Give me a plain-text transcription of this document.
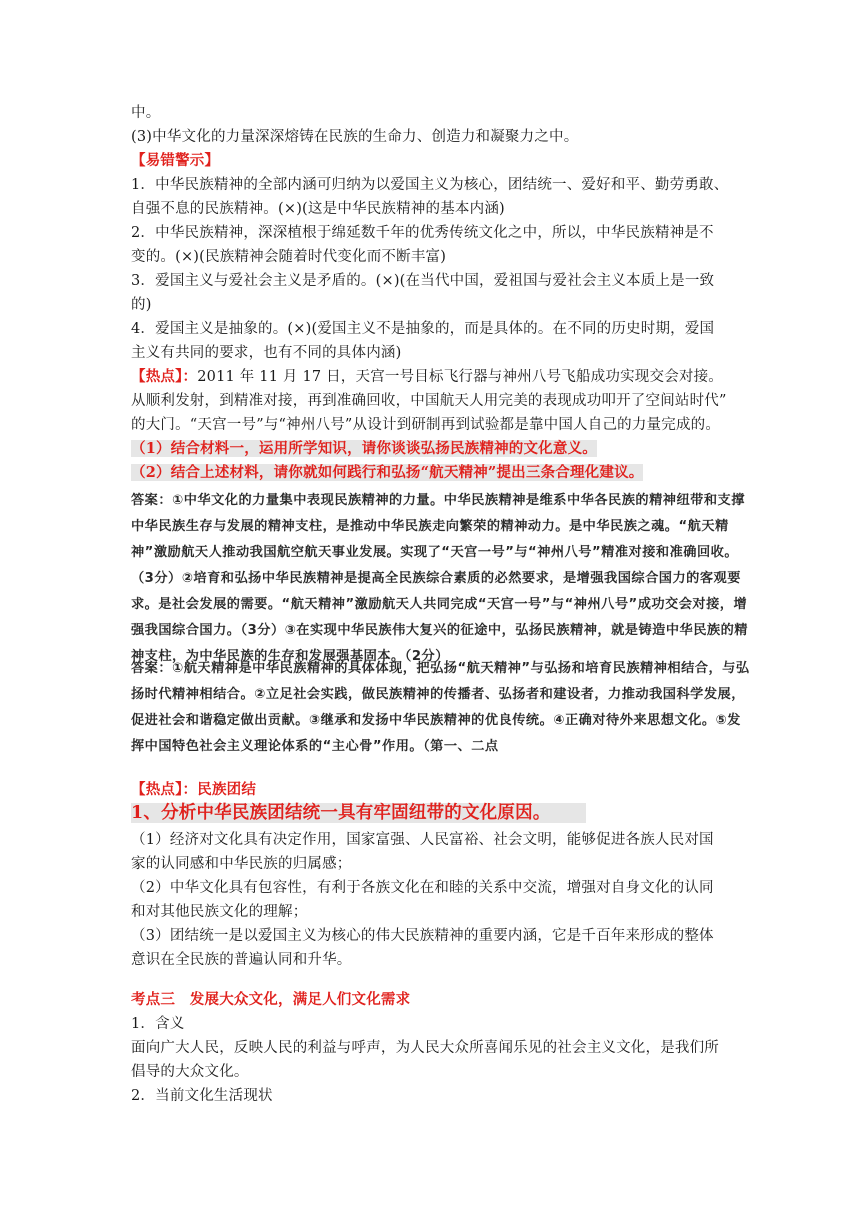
中。
(3)中华文化的力量深深熔铸在民族的生命力、创造力和凝聚力之中。
【易错警示】
1．中华民族精神的全部内涵可归纳为以爱国主义为核心，团结统一、爱好和平、勤劳勇敢、
自强不息的民族精神。(×)(这是中华民族精神的基本内涵)
2．中华民族精神，深深植根于绵延数千年的优秀传统文化之中，所以，中华民族精神是不
变的。(×)(民族精神会随着时代变化而不断丰富)
3．爱国主义与爱社会主义是矛盾的。(×)(在当代中国，爱祖国与爱社会主义本质上是一致
的)
4．爱国主义是抽象的。(×)(爱国主义不是抽象的，而是具体的。在不同的历史时期，爱国
主义有共同的要求，也有不同的具体内涵)
【热点】：2011 年 11 月 17 日，天宫一号目标飞行器与神州八号飞船成功实现交会对接。
从顺利发射，到精准对接，再到准确回收，中国航天人用完美的表现成功叩开了空间站时代”
的大门。“天宫一号”与“神州八号”从设计到研制再到试验都是靠中国人自己的力量完成的。
（1）结合材料一，运用所学知识，请你谈谈弘扬民族精神的文化意义。
（2）结合上述材料，请你就如何践行和弘扬“航天精神”提出三条合理化建议。
答案：①中华文化的力量集中表现民族精神的力量。中华民族精神是维系中华各民族的精神纽带和支撑中华民族生存与发展的精神支柱，是推动中华民族走向繁荣的精神动力。是中华民族之魂。“航天精神”激励航天人推动我国航空航天事业发展。实现了“天宫一号”与“神州八号”精准对接和准确回收。（3分）②培育和弘扬中华民族精神是提高全民族综合素质的必然要求，是增强我国综合国力的客观要求。是社会发展的需要。“航天精神”激励航天人共同完成“天宫一号”与“神州八号”成功交会对接，增强我国综合国力。（3分）③在实现中华民族伟大复兴的征途中，弘扬民族精神，就是铸造中华民族的精神支柱，为中华民族的生存和发展强基固本。（2分）
答案：①航天精神是中华民族精神的具体体现，把弘扬“航天精神”与弘扬和培育民族精神相结合，与弘扬时代精神相结合。②立足社会实践，做民族精神的传播者、弘扬者和建设者，力推动我国科学发展，促进社会和谐稳定做出贡献。③继承和发扬中华民族精神的优良传统。④正确对待外来思想文化。⑤发挥中国特色社会主义理论体系的“主心骨”作用。（第一、二点
【热点】：民族团结
1、分析中华民族团结统一具有牢固纽带的文化原因。
（1）经济对文化具有决定作用，国家富强、人民富裕、社会文明，能够促进各族人民对国
家的认同感和中华民族的归属感；
（2）中华文化具有包容性，有利于各族文化在和睦的关系中交流，增强对自身文化的认同
和对其他民族文化的理解；
（3）团结统一是以爱国主义为核心的伟大民族精神的重要内涵，它是千百年来形成的整体
意识在全民族的普遍认同和升华。
考点三　发展大众文化，满足人们文化需求
1．含义
面向广大人民，反映人民的利益与呼声，为人民大众所喜闻乐见的社会主义文化，是我们所
倡导的大众文化。
2．当前文化生活现状
